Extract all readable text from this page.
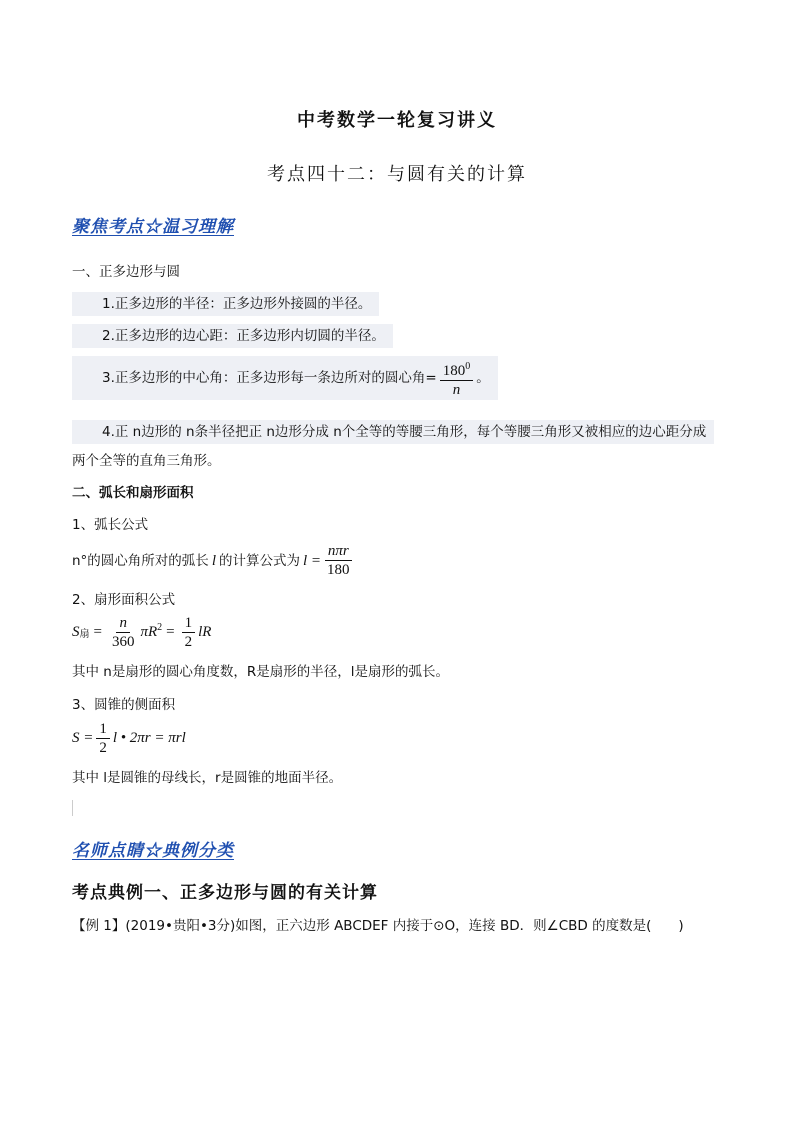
中考数学一轮复习讲义
考点四十二：与圆有关的计算
聚焦考点☆温习理解
一、正多边形与圆
1.正多边形的半径：正多边形外接圆的半径。
2.正多边形的边心距：正多边形内切圆的半径。
3.正多边形的中心角：正多边形每一条边所对的圆心角= $\frac{180^0}{n}$ 。
4.正 n边形的 n条半径把正 n边形分成 n个全等的等腰三角形，每个等腰三角形又被相应的边心距分成
两个全等的直角三角形。
二、弧长和扇形面积
1、弧长公式
n°的圆心角所对的弧长 l 的计算公式为 $l = \frac{\text{nπr}}{180}$
2、扇形面积公式
S 扇 = $\frac{n}{360}$ πR $2 = \frac{1}{2}$ lR
其中 n是扇形的圆心角度数，R是扇形的半径，l是扇形的弧长。
3、圆锥的侧面积
$S = \frac{1}{2}$ l • 2πr = πrl
其中 l是圆锥的母线长，r是圆锥的地面半径。
名师点睛☆典例分类
考点典例一、正多边形与圆的有关计算
【例 1】(2019•贵阳•3分)如图，正六边形 ABCDEF 内接于⊙O，连接 BD．则∠CBD 的度数是(　　)
